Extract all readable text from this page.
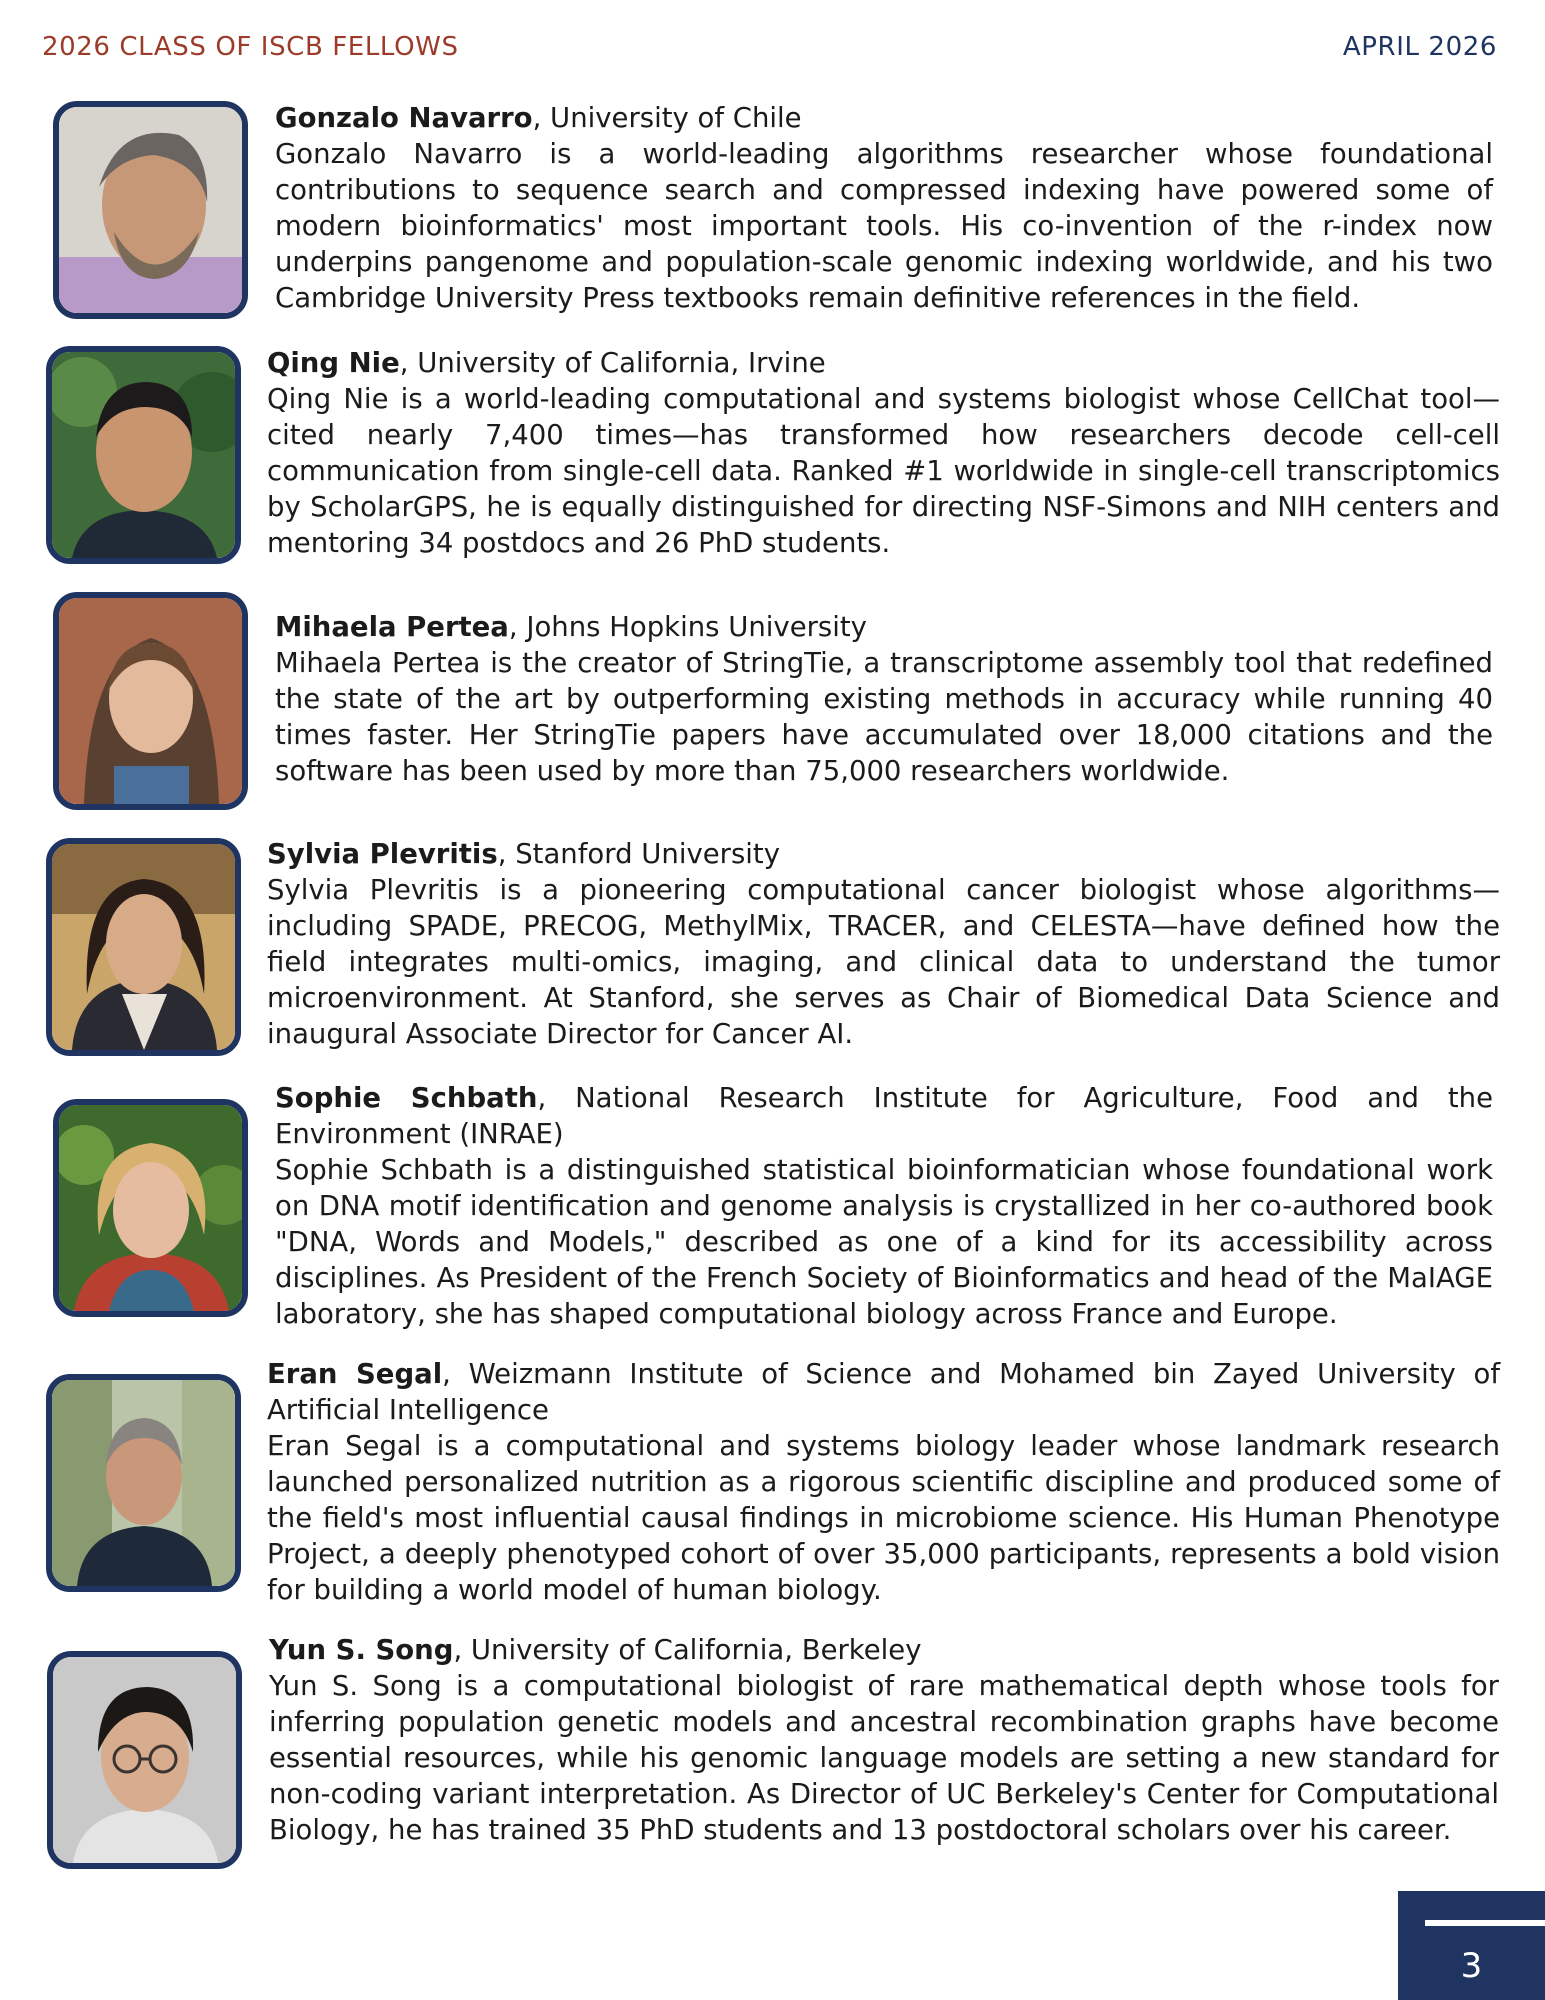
2026 CLASS OF ISCB FELLOWS	APRIL 2026

Gonzalo Navarro, University of Chile

Gonzalo Navarro is a world-leading algorithms researcher whose foundational contributions to sequence search and compressed indexing have powered some of modern bioinformatics' most important tools. His co-invention of the r-index now underpins pangenome and population-scale genomic indexing worldwide, and his two Cambridge University Press textbooks remain definitive references in the field.

Qing Nie, University of California, Irvine

Qing Nie is a world-leading computational and systems biologist whose CellChat tool—cited nearly 7,400 times—has transformed how researchers decode cell-cell communication from single-cell data. Ranked #1 worldwide in single-cell transcriptomics by ScholarGPS, he is equally distinguished for directing NSF-Simons and NIH centers and mentoring 34 postdocs and 26 PhD students.

Mihaela Pertea, Johns Hopkins University

Mihaela Pertea is the creator of StringTie, a transcriptome assembly tool that redefined the state of the art by outperforming existing methods in accuracy while running 40 times faster. Her StringTie papers have accumulated over 18,000 citations and the software has been used by more than 75,000 researchers worldwide.

Sylvia Plevritis, Stanford University

Sylvia Plevritis is a pioneering computational cancer biologist whose algorithms—including SPADE, PRECOG, MethylMix, TRACER, and CELESTA—have defined how the field integrates multi-omics, imaging, and clinical data to understand the tumor microenvironment. At Stanford, she serves as Chair of Biomedical Data Science and inaugural Associate Director for Cancer AI.

Sophie Schbath, National Research Institute for Agriculture, Food and the Environment (INRAE)

Sophie Schbath is a distinguished statistical bioinformatician whose foundational work on DNA motif identification and genome analysis is crystallized in her co-authored book "DNA, Words and Models," described as one of a kind for its accessibility across disciplines. As President of the French Society of Bioinformatics and head of the MaIAGE laboratory, she has shaped computational biology across France and Europe.

Eran Segal, Weizmann Institute of Science and Mohamed bin Zayed University of Artificial Intelligence

Eran Segal is a computational and systems biology leader whose landmark research launched personalized nutrition as a rigorous scientific discipline and produced some of the field's most influential causal findings in microbiome science. His Human Phenotype Project, a deeply phenotyped cohort of over 35,000 participants, represents a bold vision for building a world model of human biology.

Yun S. Song, University of California, Berkeley

Yun S. Song is a computational biologist of rare mathematical depth whose tools for inferring population genetic models and ancestral recombination graphs have become essential resources, while his genomic language models are setting a new standard for non-coding variant interpretation. As Director of UC Berkeley's Center for Computational Biology, he has trained 35 PhD students and 13 postdoctoral scholars over his career.

3
